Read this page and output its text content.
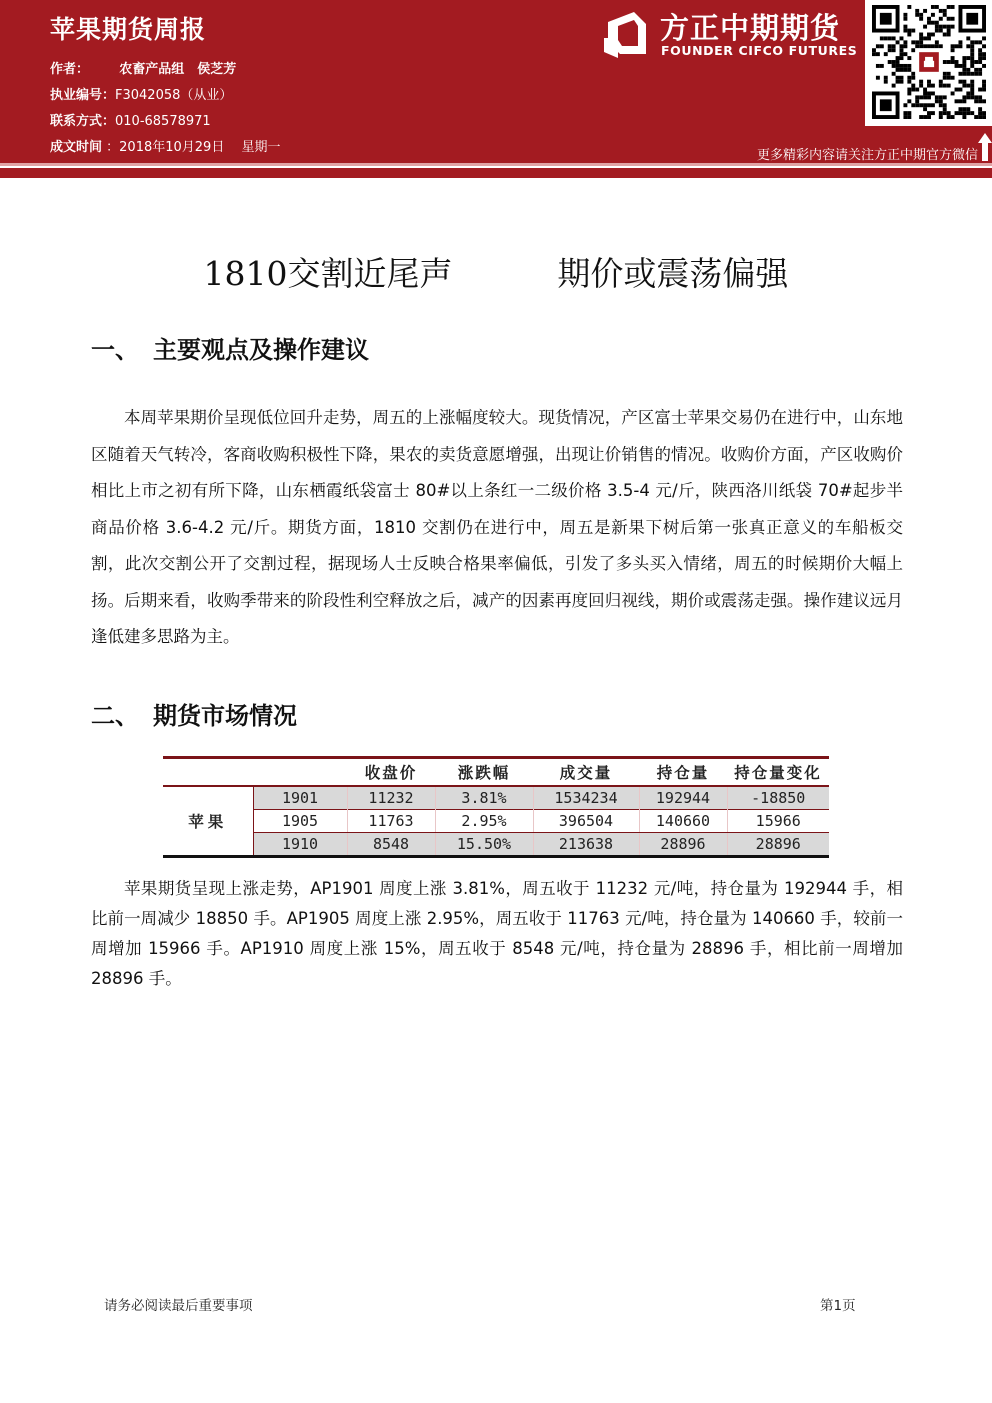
苹果期货周报
作者： 农畜产品组　侯芝芳
执业编号：F3042058（从业）
联系方式：010-68578971
成文时间 ：2018年10月29日　 星期一
方正中期期货
FOUNDER CIFCO FUTURES
更多精彩内容请关注方正中期官方微信
1810交割近尾声          期价或震荡偏强
一、 主要观点及操作建议
本周苹果期价呈现低位回升走势，周五的上涨幅度较大。现货情况，产区富士苹果交易仍在进行中，山东地区随着天气转冷，客商收购积极性下降，果农的卖货意愿增强，出现让价销售的情况。收购价方面，产区收购价相比上市之初有所下降，山东栖霞纸袋富士 80#以上条红一二级价格 3.5-4 元/斤，陕西洛川纸袋 70#起步半商品价格 3.6-4.2 元/斤。期货方面，1810 交割仍在进行中，周五是新果下树后第一张真正意义的车船板交割，此次交割公开了交割过程，据现场人士反映合格果率偏低，引发了多头买入情绪，周五的时候期价大幅上扬。后期来看，收购季带来的阶段性利空释放之后，减产的因素再度回归视线，期价或震荡走强。操作建议远月逢低建多思路为主。
二、 期货市场情况
		收盘价	涨跌幅	成交量	持仓量	持仓量变化
苹果	1901	11232	3.81%	1534234	192944	-18850
	1905	11763	2.95%	396504	140660	15966
	1910	8548	15.50%	213638	28896	28896
苹果期货呈现上涨走势，AP1901 周度上涨 3.81%，周五收于 11232 元/吨，持仓量为 192944 手，相比前一周减少 18850 手。AP1905 周度上涨 2.95%，周五收于 11763 元/吨，持仓量为 140660 手，较前一周增加 15966 手。AP1910 周度上涨 15%，周五收于 8548 元/吨，持仓量为 28896 手，相比前一周增加 28896 手。
请务必阅读最后重要事项	第1页
